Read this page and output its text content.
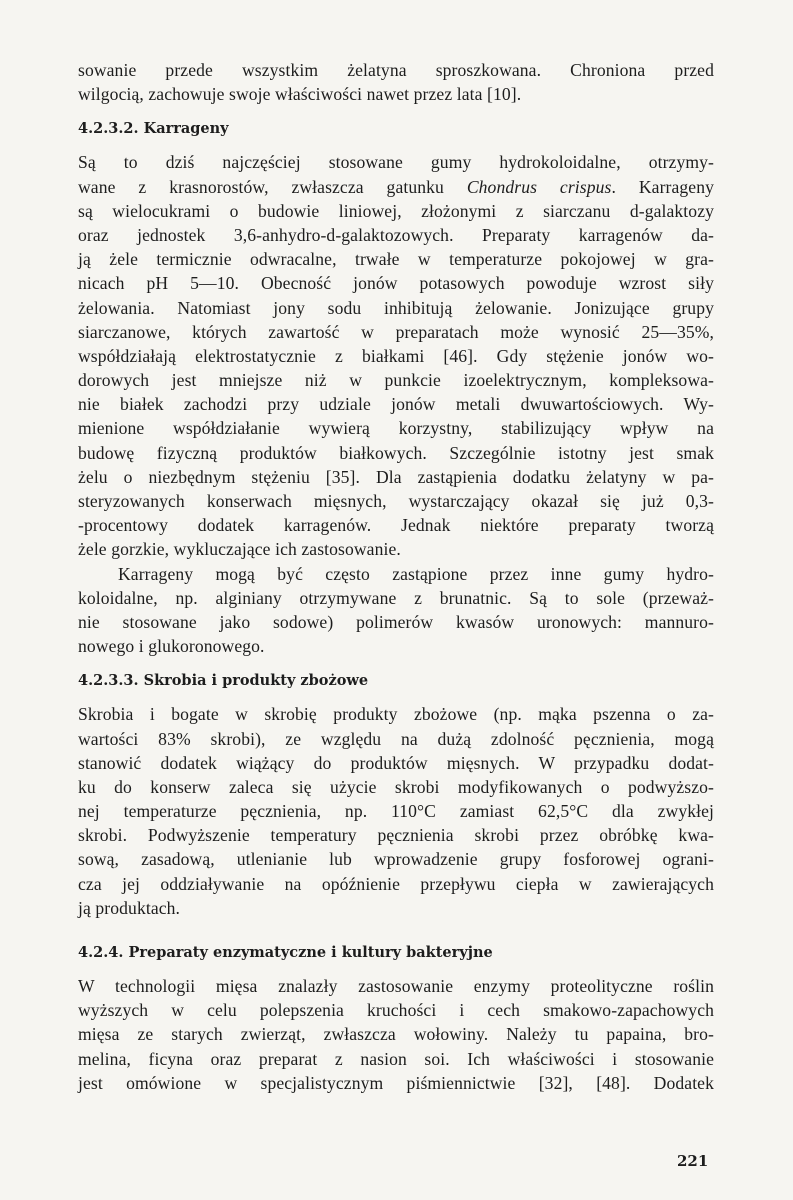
sowanie przede wszystkim żelatyna sproszkowana. Chroniona przed
wilgocią, zachowuje swoje właściwości nawet przez lata [10].
4.2.3.2. Karrageny
Są to dziś najczęściej stosowane gumy hydrokoloidalne, otrzymy-
wane z krasnorostów, zwłaszcza gatunku Chondrus crispus. Karrageny
są wielocukrami o budowie liniowej, złożonymi z siarczanu d-galaktozy
oraz jednostek 3,6-anhydro-d-galaktozowych. Preparaty karragenów da-
ją żele termicznie odwracalne, trwałe w temperaturze pokojowej w gra-
nicach pH 5—10. Obecność jonów potasowych powoduje wzrost siły
żelowania. Natomiast jony sodu inhibitują żelowanie. Jonizujące grupy
siarczanowe, których zawartość w preparatach może wynosić 25—35%,
współdziałają elektrostatycznie z białkami [46]. Gdy stężenie jonów wo-
dorowych jest mniejsze niż w punkcie izoelektrycznym, kompleksowa-
nie białek zachodzi przy udziale jonów metali dwuwartościowych. Wy-
mienione współdziałanie wywierą korzystny, stabilizujący wpływ na
budowę fizyczną produktów białkowych. Szczególnie istotny jest smak
żelu o niezbędnym stężeniu [35]. Dla zastąpienia dodatku żelatyny w pa-
steryzowanych konserwach mięsnych, wystarczający okazał się już 0,3-
-procentowy dodatek karragenów. Jednak niektóre preparaty tworzą
żele gorzkie, wykluczające ich zastosowanie.
Karrageny mogą być często zastąpione przez inne gumy hydro-
koloidalne, np. alginiany otrzymywane z brunatnic. Są to sole (przeważ-
nie stosowane jako sodowe) polimerów kwasów uronowych: mannuro-
nowego i glukoronowego.
4.2.3.3. Skrobia i produkty zbożowe
Skrobia i bogate w skrobię produkty zbożowe (np. mąka pszenna o za-
wartości 83% skrobi), ze względu na dużą zdolność pęcznienia, mogą
stanowić dodatek wiążący do produktów mięsnych. W przypadku dodat-
ku do konserw zaleca się użycie skrobi modyfikowanych o podwyższo-
nej temperaturze pęcznienia, np. 110°C zamiast 62,5°C dla zwykłej
skrobi. Podwyższenie temperatury pęcznienia skrobi przez obróbkę kwa-
sową, zasadową, utlenianie lub wprowadzenie grupy fosforowej ograni-
cza jej oddziaływanie na opóźnienie przepływu ciepła w zawierających
ją produktach.
4.2.4. Preparaty enzymatyczne i kultury bakteryjne
W technologii mięsa znalazły zastosowanie enzymy proteolityczne roślin
wyższych w celu polepszenia kruchości i cech smakowo-zapachowych
mięsa ze starych zwierząt, zwłaszcza wołowiny. Należy tu papaina, bro-
melina, ficyna oraz preparat z nasion soi. Ich właściwości i stosowanie
jest omówione w specjalistycznym piśmiennictwie [32], [48]. Dodatek
221
